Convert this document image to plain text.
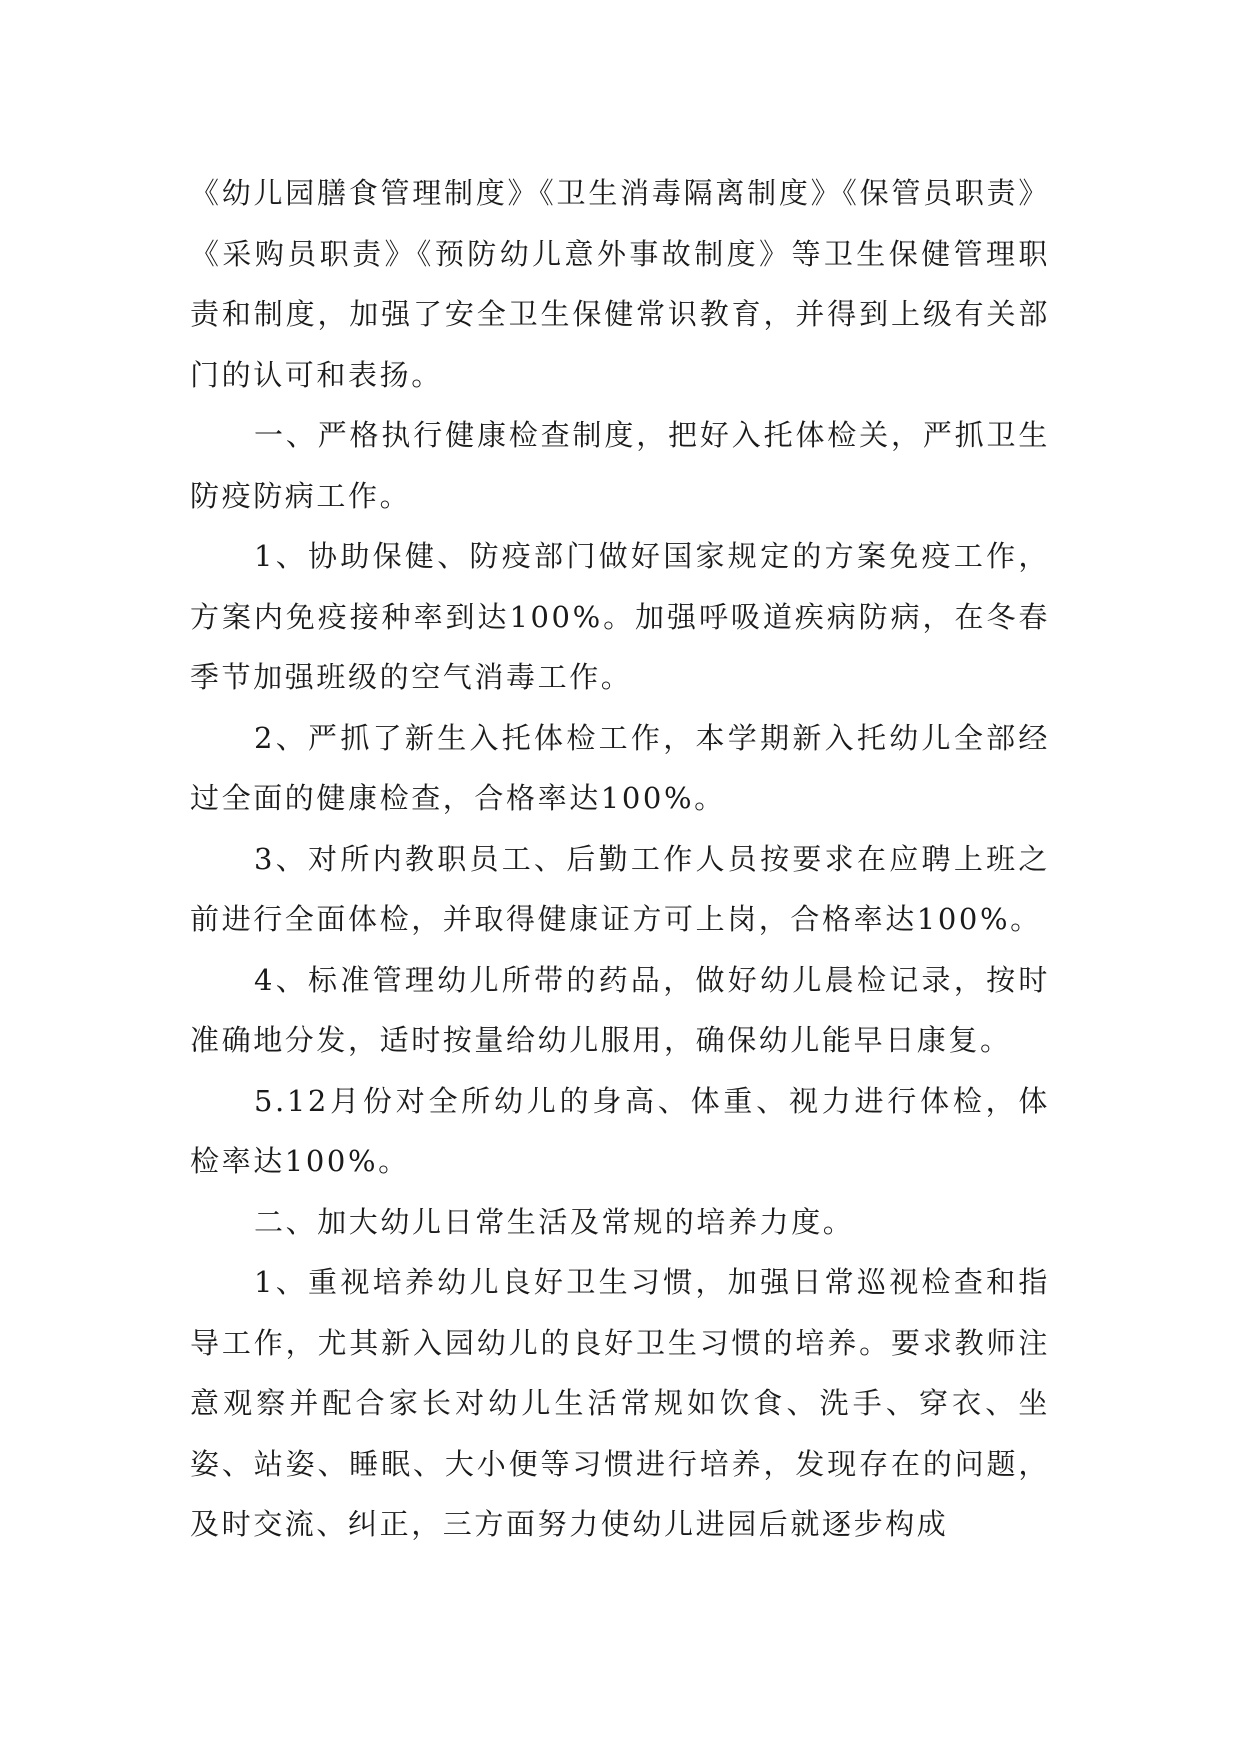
《幼儿园膳食管理制度》《卫生消毒隔离制度》《保管员职责》《采购员职责》《预防幼儿意外事故制度》等卫生保健管理职责和制度，加强了安全卫生保健常识教育，并得到上级有关部门的认可和表扬。

一、严格执行健康检查制度，把好入托体检关，严抓卫生防疫防病工作。

1、协助保健、防疫部门做好国家规定的方案免疫工作，方案内免疫接种率到达100%。加强呼吸道疾病防病，在冬春季节加强班级的空气消毒工作。

2、严抓了新生入托体检工作，本学期新入托幼儿全部经过全面的健康检查，合格率达100%。

3、对所内教职员工、后勤工作人员按要求在应聘上班之前进行全面体检，并取得健康证方可上岗，合格率达100%。

4、标准管理幼儿所带的药品，做好幼儿晨检记录，按时准确地分发，适时按量给幼儿服用，确保幼儿能早日康复。

5.12月份对全所幼儿的身高、体重、视力进行体检，体检率达100%。

二、加大幼儿日常生活及常规的培养力度。

1、重视培养幼儿良好卫生习惯，加强日常巡视检查和指导工作，尤其新入园幼儿的良好卫生习惯的培养。要求教师注意观察并配合家长对幼儿生活常规如饮食、洗手、穿衣、坐姿、站姿、睡眠、大小便等习惯进行培养，发现存在的问题，及时交流、纠正，三方面努力使幼儿进园后就逐步构成
